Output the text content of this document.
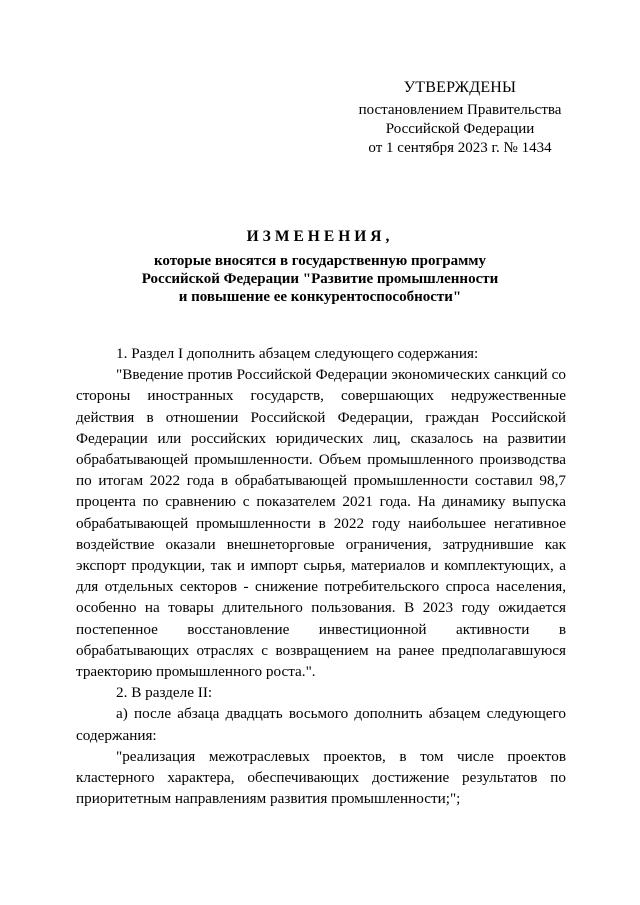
УТВЕРЖДЕНЫ
постановлением Правительства
Российской Федерации
от 1 сентября 2023 г. № 1434
ИЗМЕНЕНИЯ,
которые вносятся в государственную программу
Российской Федерации "Развитие промышленности
и повышение ее конкурентоспособности"

1. Раздел I дополнить абзацем следующего содержания:

"Введение против Российской Федерации экономических санкций со стороны иностранных государств, совершающих недружественные действия в отношении Российской Федерации, граждан Российской Федерации или российских юридических лиц, сказалось на развитии обрабатывающей промышленности. Объем промышленного производства по итогам 2022 года в обрабатывающей промышленности составил 98,7 процента по сравнению с показателем 2021 года. На динамику выпуска обрабатывающей промышленности в 2022 году наибольшее негативное воздействие оказали внешнеторговые ограничения, затруднившие как экспорт продукции, так и импорт сырья, материалов и комплектующих, а для отдельных секторов - снижение потребительского спроса населения, особенно на товары длительного пользования. В 2023 году ожидается постепенное восстановление инвестиционной активности в обрабатывающих отраслях с возвращением на ранее предполагавшуюся траекторию промышленного роста.".

2. В разделе II:

а) после абзаца двадцать восьмого дополнить абзацем следующего содержания:

"реализация межотраслевых проектов, в том числе проектов кластерного характера, обеспечивающих достижение результатов по приоритетным направлениям развития промышленности;";
